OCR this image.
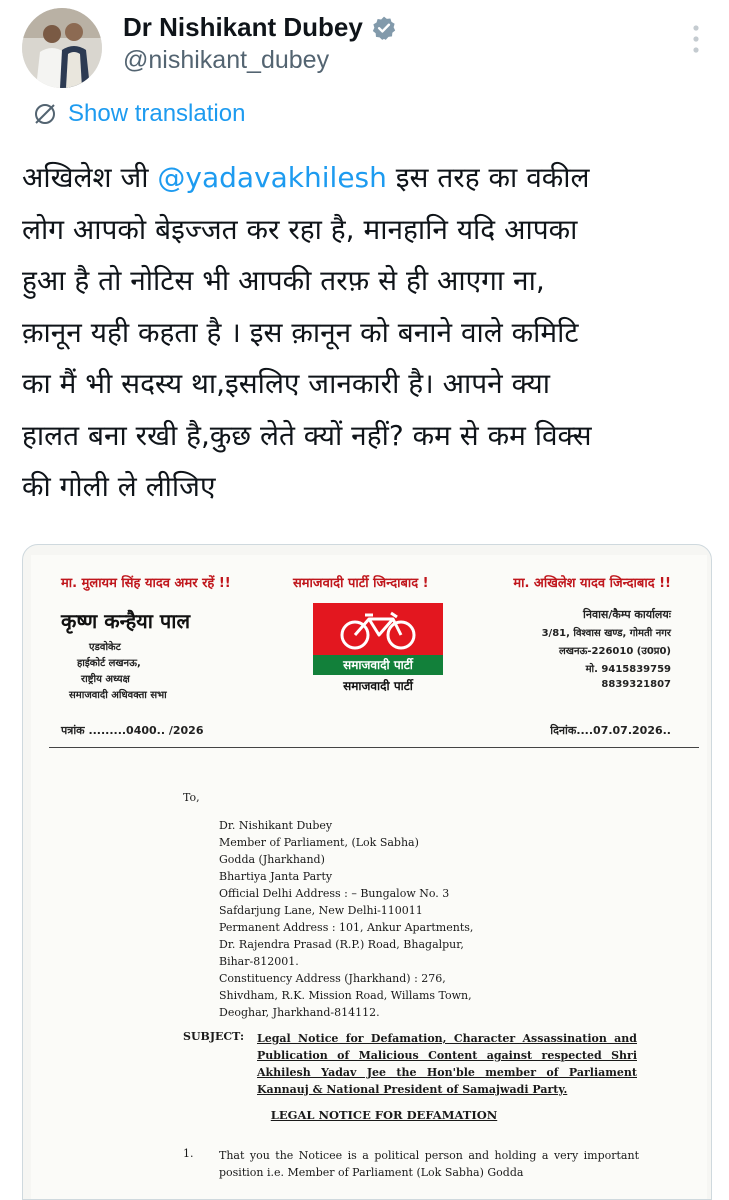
Dr Nishikant Dubey
@nishikant_dubey
Show translation
अखिलेश जी @yadavakhilesh इस तरह का वकील
लोग आपको बेइज्जत कर रहा है, मानहानि यदि आपका
हुआ है तो नोटिस भी आपकी तरफ़ से ही आएगा ना,
क़ानून यही कहता है । इस क़ानून को बनाने वाले कमिटि
का मैं भी सदस्य था,इसलिए जानकारी है। आपने क्या
हालत बना रखी है,कुछ लेते क्यों नहीं? कम से कम विक्स
की गोली ले लीजिए
मा. मुलायम सिंह यादव अमर रहें !!	समाजवादी पार्टी जिन्दाबाद !	मा. अखिलेश यादव जिन्दाबाद !!
कृष्ण कन्हैया पाल
एडवोकेट
हाईकोर्ट लखनऊ,
राष्ट्रीय अध्यक्ष
समाजवादी अधिवक्ता सभा
समाजवादी पार्टी
समाजवादी पार्टी
निवास/कैम्प कार्यालयः
3/81, विश्वास खण्ड, गोमती नगर
लखनऊ-226010 (उ0प्र0)
मो. 9415839759
8839321807
पत्रांक .........0400.. /2026	दिनांक....07.07.2026..
To,
Dr. Nishikant Dubey
Member of Parliament, (Lok Sabha)
Godda (Jharkhand)
Bhartiya Janta Party
Official Delhi Address : – Bungalow No. 3
Safdarjung Lane, New Delhi-110011
Permanent Address : 101, Ankur Apartments,
Dr. Rajendra Prasad (R.P.) Road, Bhagalpur,
Bihar-812001.
Constituency Address (Jharkhand) : 276,
Shivdham, R.K. Mission Road, Willams Town,
Deoghar, Jharkhand-814112.
SUBJECT: Legal Notice for Defamation, Character Assassination and Publication of Malicious Content against respected Shri Akhilesh Yadav Jee the Hon'ble member of Parliament Kannauj & National President of Samajwadi Party.
LEGAL NOTICE FOR DEFAMATION
1. That you the Noticee is a political person and holding a very important position i.e. Member of Parliament (Lok Sabha) Godda
